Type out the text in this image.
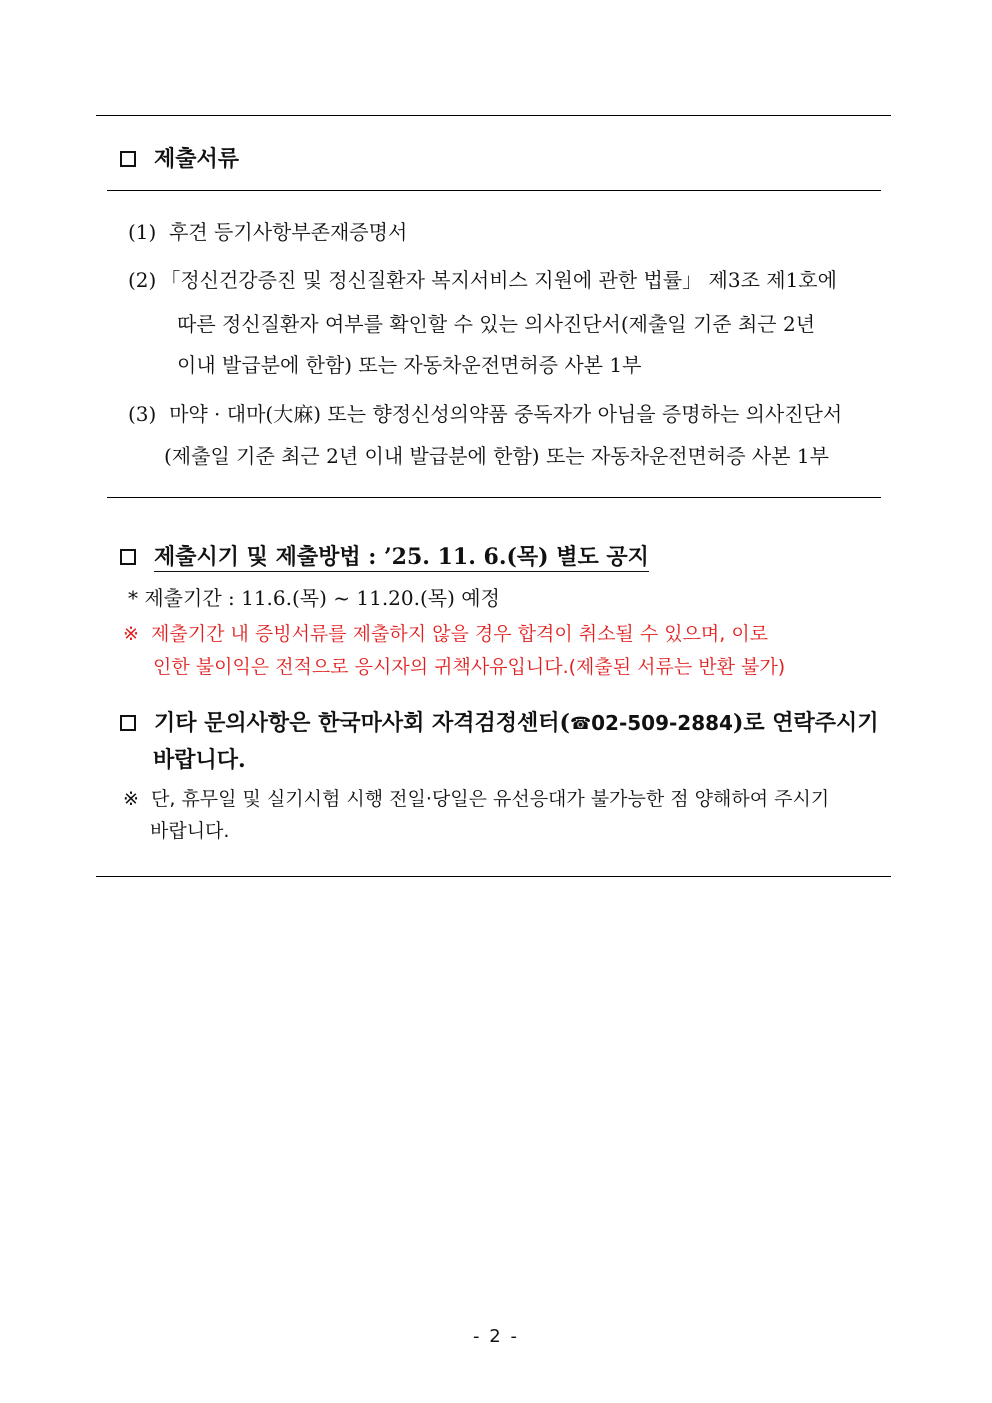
제출서류
(1) 후견 등기사항부존재증명서
(2) 「정신건강증진 및 정신질환자 복지서비스 지원에 관한 법률」 제3조 제1호에
따른 정신질환자 여부를 확인할 수 있는 의사진단서(제출일 기준 최근 2년
이내 발급분에 한함) 또는 자동차운전면허증 사본 1부
(3) 마약 · 대마(大麻) 또는 향정신성의약품 중독자가 아님을 증명하는 의사진단서
(제출일 기준 최근 2년 이내 발급분에 한함) 또는 자동차운전면허증 사본 1부
제출시기 및 제출방법 : ’25. 11. 6.(목) 별도 공지
* 제출기간 : 11.6.(목) ~ 11.20.(목) 예정
※ 제출기간 내 증빙서류를 제출하지 않을 경우 합격이 취소될 수 있으며, 이로
인한 불이익은 전적으로 응시자의 귀책사유입니다.(제출된 서류는 반환 불가)
기타 문의사항은 한국마사회 자격검정센터(☎02-509-2884)로 연락주시기
바랍니다.
※ 단, 휴무일 및 실기시험 시행 전일·당일은 유선응대가 불가능한 점 양해하여 주시기
바랍니다.
- 2 -
